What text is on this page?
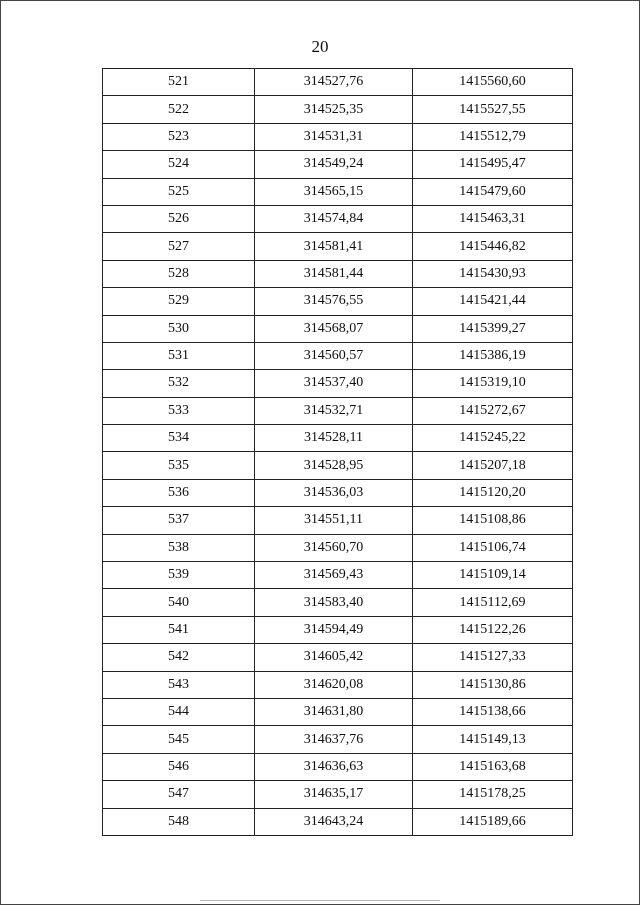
20
521	314527,76	1415560,60
522	314525,35	1415527,55
523	314531,31	1415512,79
524	314549,24	1415495,47
525	314565,15	1415479,60
526	314574,84	1415463,31
527	314581,41	1415446,82
528	314581,44	1415430,93
529	314576,55	1415421,44
530	314568,07	1415399,27
531	314560,57	1415386,19
532	314537,40	1415319,10
533	314532,71	1415272,67
534	314528,11	1415245,22
535	314528,95	1415207,18
536	314536,03	1415120,20
537	314551,11	1415108,86
538	314560,70	1415106,74
539	314569,43	1415109,14
540	314583,40	1415112,69
541	314594,49	1415122,26
542	314605,42	1415127,33
543	314620,08	1415130,86
544	314631,80	1415138,66
545	314637,76	1415149,13
546	314636,63	1415163,68
547	314635,17	1415178,25
548	314643,24	1415189,66
